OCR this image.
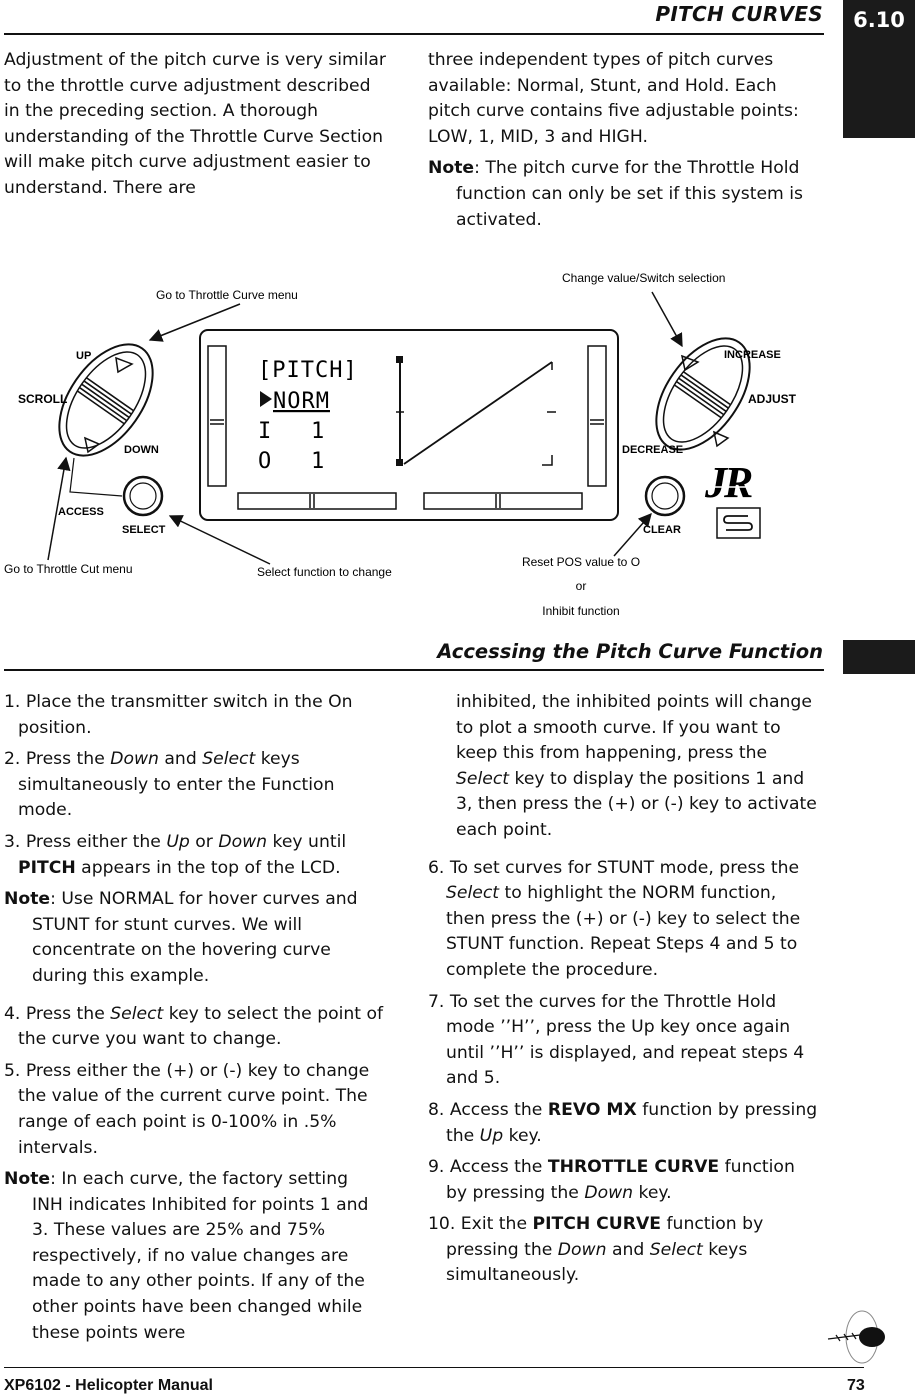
PITCH CURVES	6.10

Adjustment of the pitch curve is very similar to the throttle curve adjustment described in the preceding section. A thorough understanding of the Throttle Curve Section will make pitch curve adjustment easier to understand. There are

three independent types of pitch curves available: Normal, Stunt, and Hold. Each pitch curve contains five adjustable points: LOW, 1, MID, 3 and HIGH.

Note: The pitch curve for the Throttle Hold function can only be set if this system is activated.

UP
SCROLL
DOWN
ACCESS
SELECT
[PITCH]
NORM
I   1
O   1
INCREASE
ADJUST
DECREASE
CLEAR
JR
Go to Throttle Curve menu
Change value/Switch selection
Go to Throttle Cut menu	Select function to change
Reset POS value to O
or
Inhibit function
Accessing the Pitch Curve Function

1. Place the transmitter switch in the On position.

2. Press the Down and Select keys simultaneously to enter the Function mode.

3. Press either the Up or Down key until PITCH appears in the top of the LCD.

Note: Use NORMAL for hover curves and STUNT for stunt curves. We will concentrate on the hovering curve during this example.

4. Press the Select key to select the point of the curve you want to change.

5. Press either the (+) or (-) key to change the value of the current curve point. The range of each point is 0-100% in .5% intervals.

Note: In each curve, the factory setting INH indicates Inhibited for points 1 and 3. These values are 25% and 75% respectively, if no value changes are made to any other points. If any of the other points have been changed while these points were

inhibited, the inhibited points will change to plot a smooth curve. If you want to keep this from happening, press the Select key to display the positions 1 and 3, then press the (+) or (-) key to activate each point.

6. To set curves for STUNT mode, press the Select to highlight the NORM function, then press the (+) or (-) key to select the STUNT function. Repeat Steps 4 and 5 to complete the procedure.

7. To set the curves for the Throttle Hold mode ’’H’’, press the Up key once again until ’’H’’ is displayed, and repeat steps 4 and 5.

8. Access the REVO MX function by pressing the Up key.

9. Access the THROTTLE CURVE function by pressing the Down key.

10. Exit the PITCH CURVE function by pressing the Down and Select keys simultaneously.

XP6102 - Helicopter Manual	73
